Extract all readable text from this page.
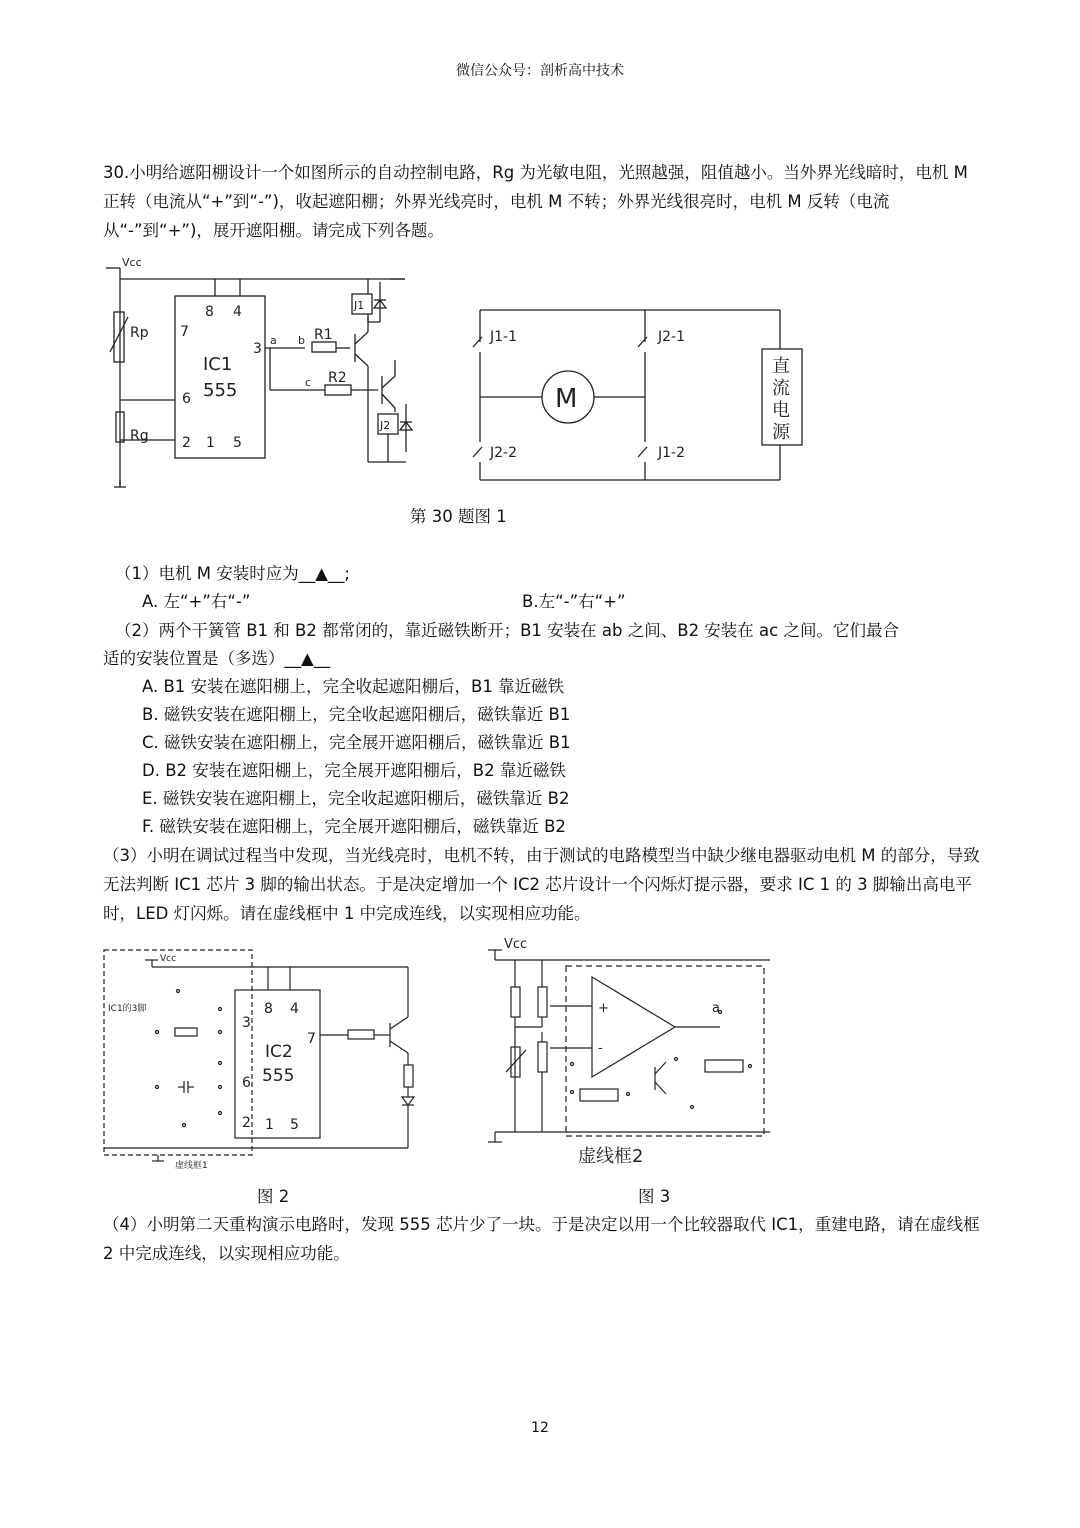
微信公众号：剖析高中技术
30.小明给遮阳棚设计一个如图所示的自动控制电路，Rg 为光敏电阻，光照越强，阻值越小。当外界光线暗时，电机 M 正转（电流从“+”到“-”)，收起遮阳棚；外界光线亮时，电机 M 不转；外界光线很亮时，电机 M 反转（电流从“-”到“+”)，展开遮阳棚。请完成下列各题。
Vcc
Rp
Rg
8 4
7
IC1
555
3
6
2 1 5
a b
c
R1
R2
J1
J2
J1-1	J2-1
J2-2	J1-2
M
直
流
电
源
第 30 题图 1
（1）电机 M 安装时应为__▲__;
A. 左“+”右“-”	B.左“-”右“+”
（2）两个干簧管 B1 和 B2 都常闭的，靠近磁铁断开；B1 安装在 ab 之间、B2 安装在 ac 之间。它们最合
适的安装位置是（多选）__▲__
A. B1 安装在遮阳棚上，完全收起遮阳棚后，B1 靠近磁铁
B. 磁铁安装在遮阳棚上，完全收起遮阳棚后，磁铁靠近 B1
C. 磁铁安装在遮阳棚上，完全展开遮阳棚后，磁铁靠近 B1
D. B2 安装在遮阳棚上，完全展开遮阳棚后，B2 靠近磁铁
E. 磁铁安装在遮阳棚上，完全收起遮阳棚后，磁铁靠近 B2
F. 磁铁安装在遮阳棚上，完全展开遮阳棚后，磁铁靠近 B2
（3）小明在调试过程当中发现，当光线亮时，电机不转，由于测试的电路模型当中缺少继电器驱动电机 M 的部分，导致无法判断 IC1 芯片 3 脚的输出状态。于是决定增加一个 IC2 芯片设计一个闪烁灯提示器，要求 IC 1 的 3 脚输出高电平时，LED 灯闪烁。请在虚线框中 1 中完成连线，以实现相应功能。
Vcc
IC1的3脚
虚线框1
8 4
3
7
IC2
555
6
2 1 5
图 2
Vcc
+
-
a
虚线框2
图 3
（4）小明第二天重构演示电路时，发现 555 芯片少了一块。于是决定以用一个比较器取代 IC1，重建电路，请在虚线框 2 中完成连线，以实现相应功能。
12
